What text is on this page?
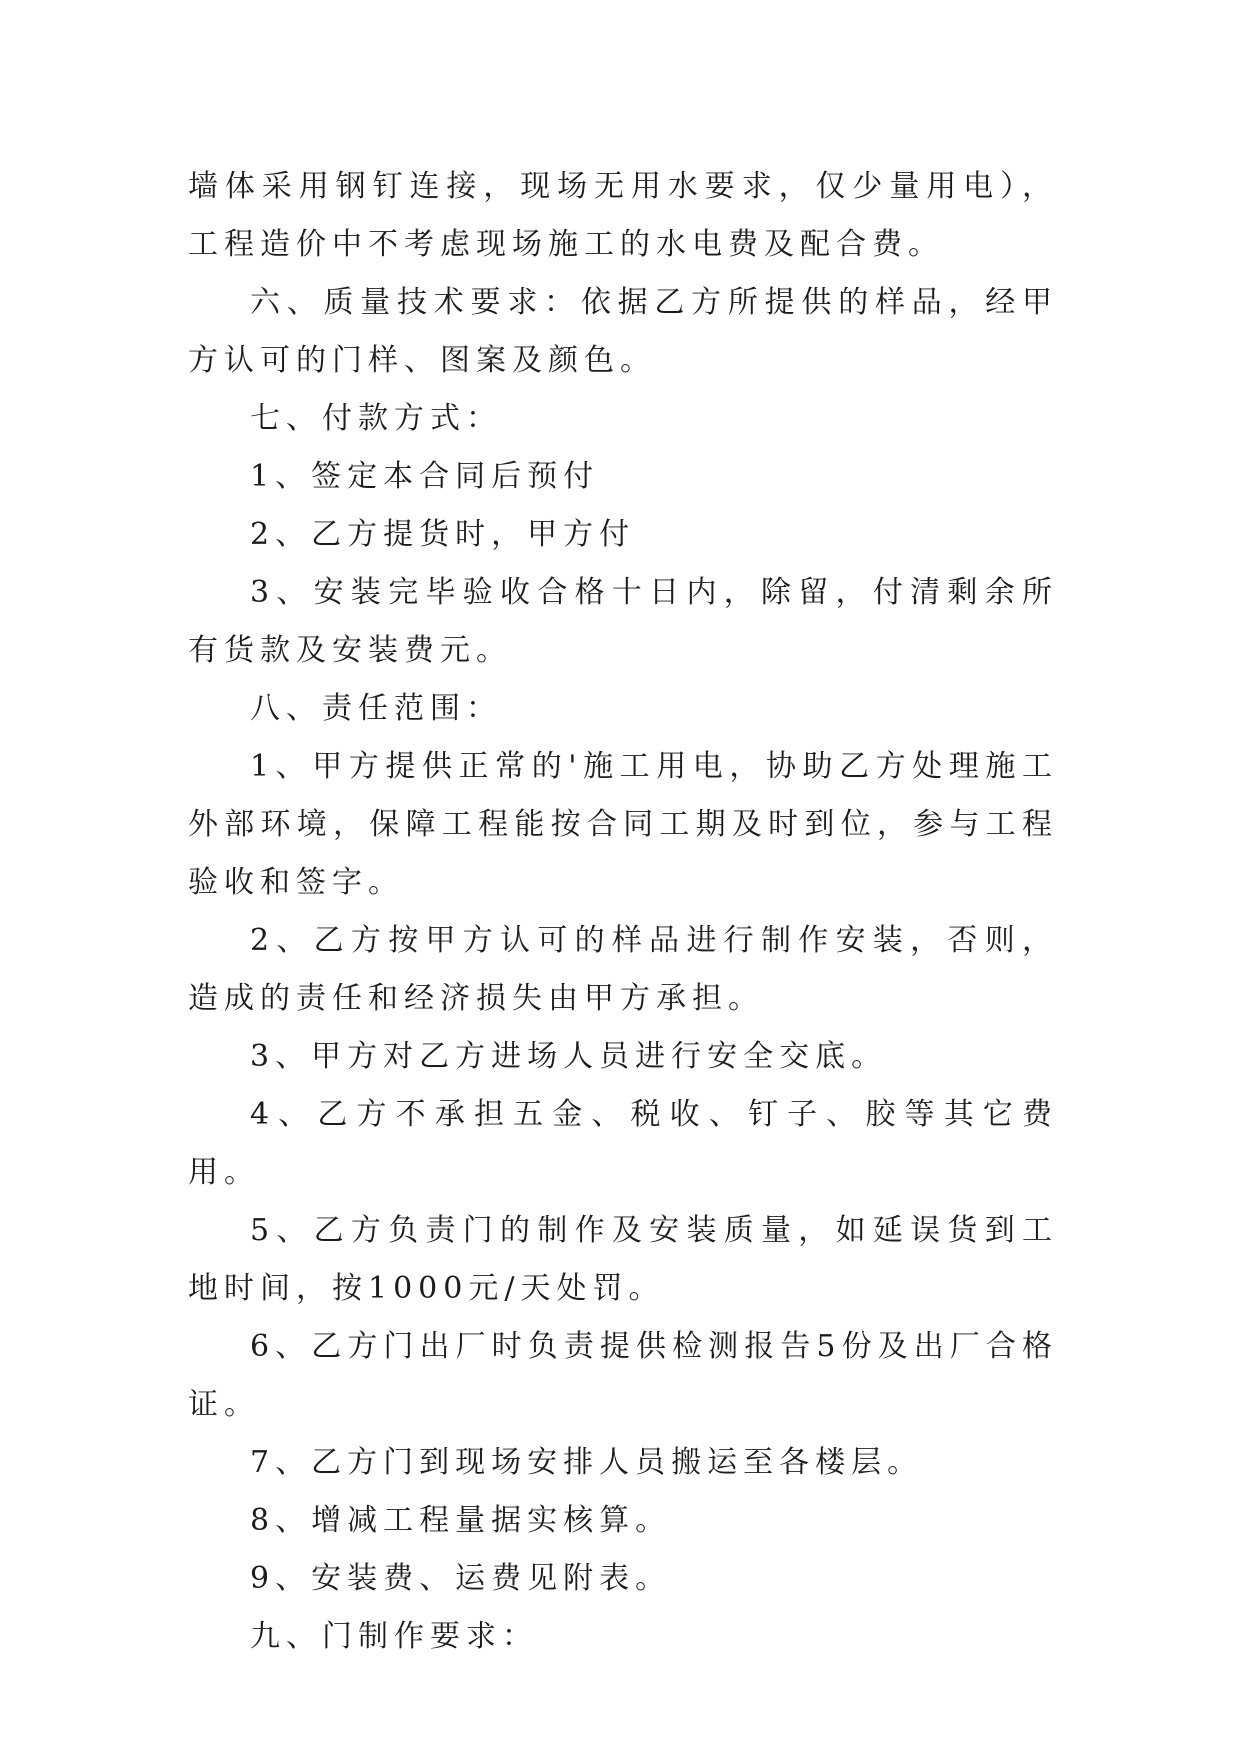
墙体采用钢钉连接，现场无用水要求，仅少量用电），工程造价中不考虑现场施工的水电费及配合费。

六、质量技术要求：依据乙方所提供的样品，经甲方认可的门样、图案及颜色。

七、付款方式：

1、签定本合同后预付

2、乙方提货时，甲方付

3、安装完毕验收合格十日内，除留，付清剩余所有货款及安装费元。

八、责任范围：

1、甲方提供正常的'施工用电，协助乙方处理施工外部环境，保障工程能按合同工期及时到位，参与工程验收和签字。

2、乙方按甲方认可的样品进行制作安装，否则，造成的责任和经济损失由甲方承担。

3、甲方对乙方进场人员进行安全交底。

4、乙方不承担五金、税收、钉子、胶等其它费用。

5、乙方负责门的制作及安装质量，如延误货到工地时间，按1000元/天处罚。

6、乙方门出厂时负责提供检测报告5份及出厂合格证。

7、乙方门到现场安排人员搬运至各楼层。

8、增减工程量据实核算。

9、安装费、运费见附表。

九、门制作要求：
